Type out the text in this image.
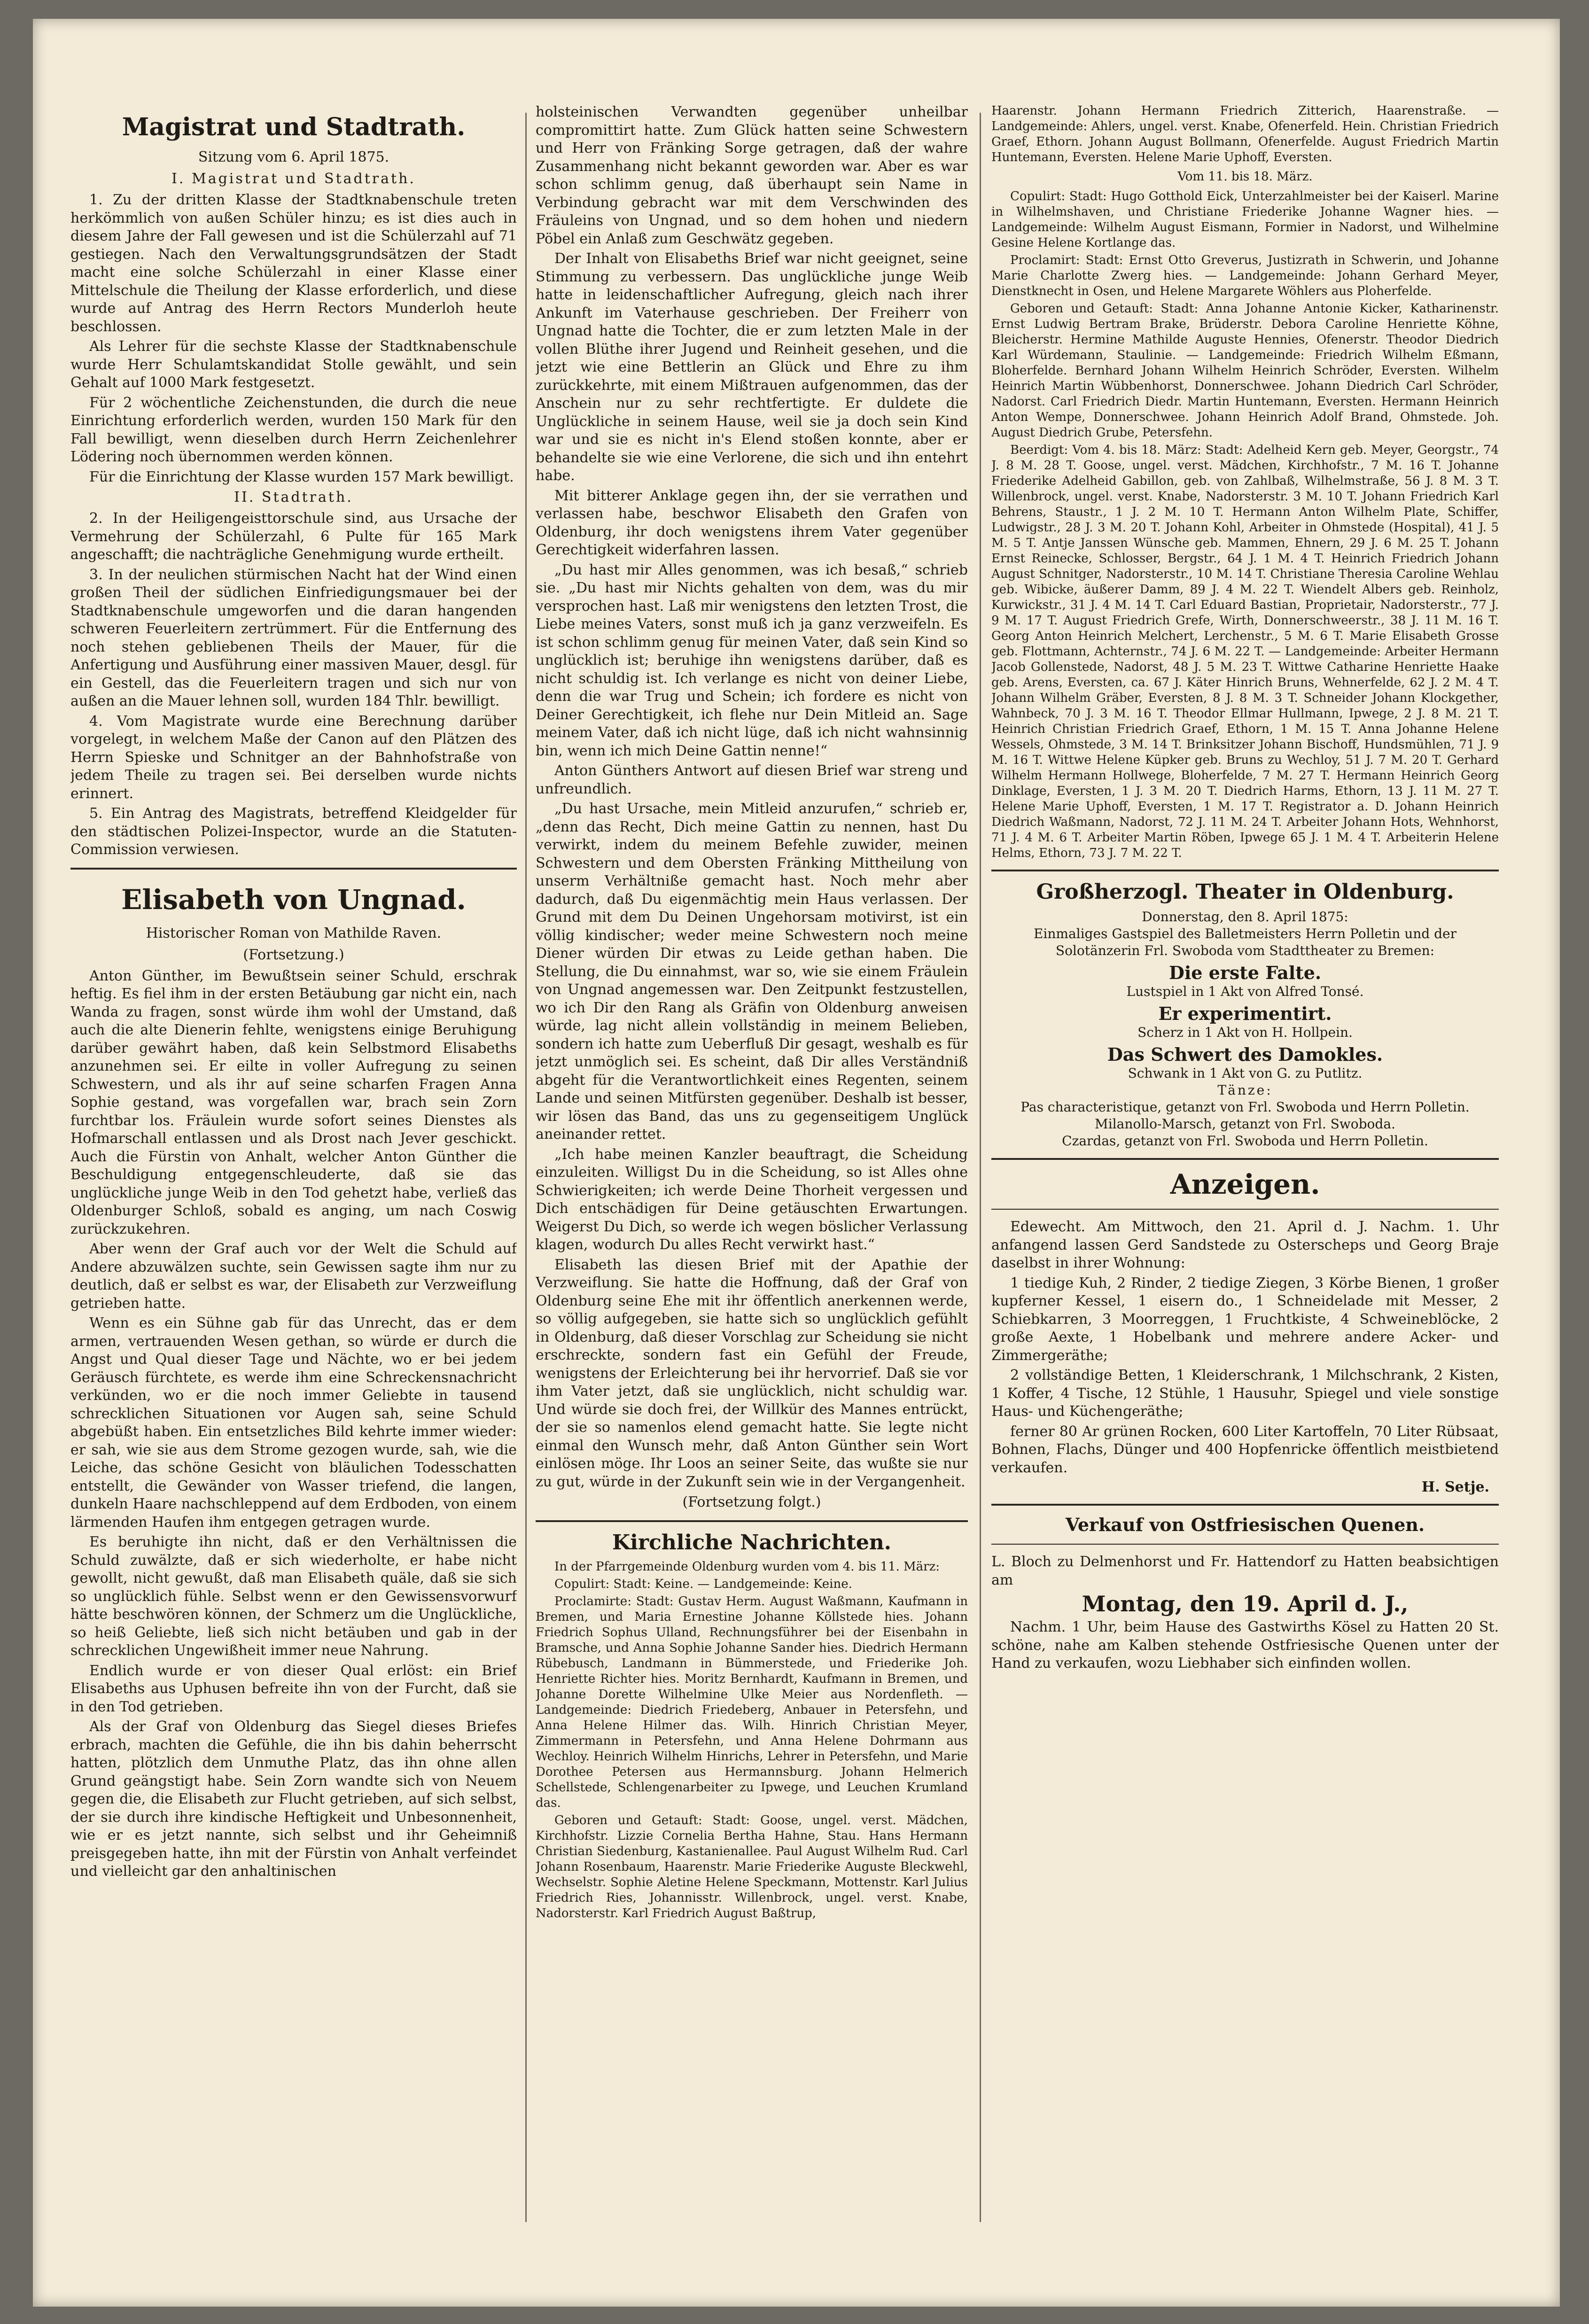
Magistrat und Stadtrath.
Sitzung vom 6. April 1875.
I. Magistrat und Stadtrath.

1. Zu der dritten Klasse der Stadtknabenschule treten herkömmlich von außen Schüler hinzu; es ist dies auch in diesem Jahre der Fall gewesen und ist die Schülerzahl auf 71 gestiegen. Nach den Verwaltungsgrundsätzen der Stadt macht eine solche Schülerzahl in einer Klasse einer Mittelschule die Theilung der Klasse erforderlich, und diese wurde auf Antrag des Herrn Rectors Munderloh heute beschlossen.

Als Lehrer für die sechste Klasse der Stadtknabenschule wurde Herr Schulamtskandidat Stolle gewählt, und sein Gehalt auf 1000 Mark festgesetzt.

Für 2 wöchentliche Zeichenstunden, die durch die neue Einrichtung erforderlich werden, wurden 150 Mark für den Fall bewilligt, wenn dieselben durch Herrn Zeichenlehrer Lödering noch übernommen werden können.

Für die Einrichtung der Klasse wurden 157 Mark bewilligt.

II. Stadtrath.

2. In der Heiligengeisttorschule sind, aus Ursache der Vermehrung der Schülerzahl, 6 Pulte für 165 Mark angeschafft; die nachträgliche Genehmigung wurde ertheilt.

3. In der neulichen stürmischen Nacht hat der Wind einen großen Theil der südlichen Einfriedigungsmauer bei der Stadtknabenschule umgeworfen und die daran hangenden schweren Feuerleitern zertrümmert. Für die Entfernung des noch stehen gebliebenen Theils der Mauer, für die Anfertigung und Ausführung einer massiven Mauer, desgl. für ein Gestell, das die Feuerleitern tragen und sich nur von außen an die Mauer lehnen soll, wurden 184 Thlr. bewilligt.

4. Vom Magistrate wurde eine Berechnung darüber vorgelegt, in welchem Maße der Canon auf den Plätzen des Herrn Spieske und Schnitger an der Bahnhofstraße von jedem Theile zu tragen sei. Bei derselben wurde nichts erinnert.

5. Ein Antrag des Magistrats, betreffend Kleidgelder für den städtischen Polizei-Inspector, wurde an die Statuten-Commission verwiesen.

Elisabeth von Ungnad.
Historischer Roman von Mathilde Raven.
(Fortsetzung.)

Anton Günther, im Bewußtsein seiner Schuld, erschrak heftig. Es fiel ihm in der ersten Betäubung gar nicht ein, nach Wanda zu fragen, sonst würde ihm wohl der Umstand, daß auch die alte Dienerin fehlte, wenigstens einige Beruhigung darüber gewährt haben, daß kein Selbstmord Elisabeths anzunehmen sei. Er eilte in voller Aufregung zu seinen Schwestern, und als ihr auf seine scharfen Fragen Anna Sophie gestand, was vorgefallen war, brach sein Zorn furchtbar los. Fräulein wurde sofort seines Dienstes als Hofmarschall entlassen und als Drost nach Jever geschickt. Auch die Fürstin von Anhalt, welcher Anton Günther die Beschuldigung entgegenschleuderte, daß sie das unglückliche junge Weib in den Tod gehetzt habe, verließ das Oldenburger Schloß, sobald es anging, um nach Coswig zurückzukehren.

Aber wenn der Graf auch vor der Welt die Schuld auf Andere abzuwälzen suchte, sein Gewissen sagte ihm nur zu deutlich, daß er selbst es war, der Elisabeth zur Verzweiflung getrieben hatte.

Wenn es ein Sühne gab für das Unrecht, das er dem armen, vertrauenden Wesen gethan, so würde er durch die Angst und Qual dieser Tage und Nächte, wo er bei jedem Geräusch fürchtete, es werde ihm eine Schreckensnachricht verkünden, wo er die noch immer Geliebte in tausend schrecklichen Situationen vor Augen sah, seine Schuld abgebüßt haben. Ein entsetzliches Bild kehrte immer wieder: er sah, wie sie aus dem Strome gezogen wurde, sah, wie die Leiche, das schöne Gesicht von bläulichen Todesschatten entstellt, die Gewänder von Wasser triefend, die langen, dunkeln Haare nachschleppend auf dem Erdboden, von einem lärmenden Haufen ihm entgegen getragen wurde.

Es beruhigte ihn nicht, daß er den Verhältnissen die Schuld zuwälzte, daß er sich wiederholte, er habe nicht gewollt, nicht gewußt, daß man Elisabeth quäle, daß sie sich so unglücklich fühle. Selbst wenn er den Gewissensvorwurf hätte beschwören können, der Schmerz um die Unglückliche, so heiß Geliebte, ließ sich nicht betäuben und gab in der schrecklichen Ungewißheit immer neue Nahrung.

Endlich wurde er von dieser Qual erlöst: ein Brief Elisabeths aus Uphusen befreite ihn von der Furcht, daß sie in den Tod getrieben.

Als der Graf von Oldenburg das Siegel dieses Briefes erbrach, machten die Gefühle, die ihn bis dahin beherrscht hatten, plötzlich dem Unmuthe Platz, das ihn ohne allen Grund geängstigt habe. Sein Zorn wandte sich von Neuem gegen die, die Elisabeth zur Flucht getrieben, auf sich selbst, der sie durch ihre kindische Heftigkeit und Unbesonnenheit, wie er es jetzt nannte, sich selbst und ihr Geheimniß preisgegeben hatte, ihn mit der Fürstin von Anhalt verfeindet und vielleicht gar den anhaltinischen

holsteinischen Verwandten gegenüber unheilbar compromittirt hatte. Zum Glück hatten seine Schwestern und Herr von Fränking Sorge getragen, daß der wahre Zusammenhang nicht bekannt geworden war. Aber es war schon schlimm genug, daß überhaupt sein Name in Verbindung gebracht war mit dem Verschwinden des Fräuleins von Ungnad, und so dem hohen und niedern Pöbel ein Anlaß zum Geschwätz gegeben.

Der Inhalt von Elisabeths Brief war nicht geeignet, seine Stimmung zu verbessern. Das unglückliche junge Weib hatte in leidenschaftlicher Aufregung, gleich nach ihrer Ankunft im Vaterhause geschrieben. Der Freiherr von Ungnad hatte die Tochter, die er zum letzten Male in der vollen Blüthe ihrer Jugend und Reinheit gesehen, und die jetzt wie eine Bettlerin an Glück und Ehre zu ihm zurückkehrte, mit einem Mißtrauen aufgenommen, das der Anschein nur zu sehr rechtfertigte. Er duldete die Unglückliche in seinem Hause, weil sie ja doch sein Kind war und sie es nicht in's Elend stoßen konnte, aber er behandelte sie wie eine Verlorene, die sich und ihn entehrt habe.

Mit bitterer Anklage gegen ihn, der sie verrathen und verlassen habe, beschwor Elisabeth den Grafen von Oldenburg, ihr doch wenigstens ihrem Vater gegenüber Gerechtigkeit widerfahren lassen.

„Du hast mir Alles genommen, was ich besaß,“ schrieb sie. „Du hast mir Nichts gehalten von dem, was du mir versprochen hast. Laß mir wenigstens den letzten Trost, die Liebe meines Vaters, sonst muß ich ja ganz verzweifeln. Es ist schon schlimm genug für meinen Vater, daß sein Kind so unglücklich ist; beruhige ihn wenigstens darüber, daß es nicht schuldig ist. Ich verlange es nicht von deiner Liebe, denn die war Trug und Schein; ich fordere es nicht von Deiner Gerechtigkeit, ich flehe nur Dein Mitleid an. Sage meinem Vater, daß ich nicht lüge, daß ich nicht wahnsinnig bin, wenn ich mich Deine Gattin nenne!“

Anton Günthers Antwort auf diesen Brief war streng und unfreundlich.

„Du hast Ursache, mein Mitleid anzurufen,“ schrieb er, „denn das Recht, Dich meine Gattin zu nennen, hast Du verwirkt, indem du meinem Befehle zuwider, meinen Schwestern und dem Obersten Fränking Mittheilung von unserm Verhältniße gemacht hast. Noch mehr aber dadurch, daß Du eigenmächtig mein Haus verlassen. Der Grund mit dem Du Deinen Ungehorsam motivirst, ist ein völlig kindischer; weder meine Schwestern noch meine Diener würden Dir etwas zu Leide gethan haben. Die Stellung, die Du einnahmst, war so, wie sie einem Fräulein von Ungnad angemessen war. Den Zeitpunkt festzustellen, wo ich Dir den Rang als Gräfin von Oldenburg anweisen würde, lag nicht allein vollständig in meinem Belieben, sondern ich hatte zum Ueberfluß Dir gesagt, weshalb es für jetzt unmöglich sei. Es scheint, daß Dir alles Verständniß abgeht für die Verantwortlichkeit eines Regenten, seinem Lande und seinen Mitfürsten gegenüber. Deshalb ist besser, wir lösen das Band, das uns zu gegenseitigem Unglück aneinander rettet.

„Ich habe meinen Kanzler beauftragt, die Scheidung einzuleiten. Willigst Du in die Scheidung, so ist Alles ohne Schwierigkeiten; ich werde Deine Thorheit vergessen und Dich entschädigen für Deine getäuschten Erwartungen. Weigerst Du Dich, so werde ich wegen böslicher Verlassung klagen, wodurch Du alles Recht verwirkt hast.“

Elisabeth las diesen Brief mit der Apathie der Verzweiflung. Sie hatte die Hoffnung, daß der Graf von Oldenburg seine Ehe mit ihr öffentlich anerkennen werde, so völlig aufgegeben, sie hatte sich so unglücklich gefühlt in Oldenburg, daß dieser Vorschlag zur Scheidung sie nicht erschreckte, sondern fast ein Gefühl der Freude, wenigstens der Erleichterung bei ihr hervorrief. Daß sie vor ihm Vater jetzt, daß sie unglücklich, nicht schuldig war. Und würde sie doch frei, der Willkür des Mannes entrückt, der sie so namenlos elend gemacht hatte. Sie legte nicht einmal den Wunsch mehr, daß Anton Günther sein Wort einlösen möge. Ihr Loos an seiner Seite, das wußte sie nur zu gut, würde in der Zukunft sein wie in der Vergangenheit.

(Fortsetzung folgt.)
Kirchliche Nachrichten.

In der Pfarrgemeinde Oldenburg wurden vom 4. bis 11. März:

Copulirt: Stadt: Keine. — Landgemeinde: Keine.

Proclamirte: Stadt: Gustav Herm. August Waßmann, Kaufmann in Bremen, und Maria Ernestine Johanne Köllstede hies. Johann Friedrich Sophus Ulland, Rechnungsführer bei der Eisenbahn in Bramsche, und Anna Sophie Johanne Sander hies. Diedrich Hermann Rübebusch, Landmann in Bümmerstede, und Friederike Joh. Henriette Richter hies. Moritz Bernhardt, Kaufmann in Bremen, und Johanne Dorette Wilhelmine Ulke Meier aus Nordenfleth. — Landgemeinde: Diedrich Friedeberg, Anbauer in Petersfehn, und Anna Helene Hilmer das. Wilh. Hinrich Christian Meyer, Zimmermann in Petersfehn, und Anna Helene Dohrmann aus Wechloy. Heinrich Wilhelm Hinrichs, Lehrer in Petersfehn, und Marie Dorothee Petersen aus Hermannsburg. Johann Helmerich Schellstede, Schlengenarbeiter zu Ipwege, und Leuchen Krumland das.

Geboren und Getauft: Stadt: Goose, ungel. verst. Mädchen, Kirchhofstr. Lizzie Cornelia Bertha Hahne, Stau. Hans Hermann Christian Siedenburg, Kastanienallee. Paul August Wilhelm Rud. Carl Johann Rosenbaum, Haarenstr. Marie Friederike Auguste Bleckwehl, Wechselstr. Sophie Aletine Helene Speckmann, Mottenstr. Karl Julius Friedrich Ries, Johannisstr. Willenbrock, ungel. verst. Knabe, Nadorsterstr. Karl Friedrich August Baßtrup,

Haarenstr. Johann Hermann Friedrich Zitterich, Haarenstraße. — Landgemeinde: Ahlers, ungel. verst. Knabe, Ofenerfeld. Hein. Christian Friedrich Graef, Ethorn. Johann August Bollmann, Ofenerfelde. August Friedrich Martin Huntemann, Eversten. Helene Marie Uphoff, Eversten.

Vom 11. bis 18. März.

Copulirt: Stadt: Hugo Gotthold Eick, Unterzahlmeister bei der Kaiserl. Marine in Wilhelmshaven, und Christiane Friederike Johanne Wagner hies. — Landgemeinde: Wilhelm August Eismann, Formier in Nadorst, und Wilhelmine Gesine Helene Kortlange das.

Proclamirt: Stadt: Ernst Otto Greverus, Justizrath in Schwerin, und Johanne Marie Charlotte Zwerg hies. — Landgemeinde: Johann Gerhard Meyer, Dienstknecht in Osen, und Helene Margarete Wöhlers aus Ploherfelde.

Geboren und Getauft: Stadt: Anna Johanne Antonie Kicker, Katharinenstr. Ernst Ludwig Bertram Brake, Brüderstr. Debora Caroline Henriette Köhne, Bleicherstr. Hermine Mathilde Auguste Hennies, Ofenerstr. Theodor Diedrich Karl Würdemann, Staulinie. — Landgemeinde: Friedrich Wilhelm Eßmann, Bloherfelde. Bernhard Johann Wilhelm Heinrich Schröder, Eversten. Wilhelm Heinrich Martin Wübbenhorst, Donnerschwee. Johann Diedrich Carl Schröder, Nadorst. Carl Friedrich Diedr. Martin Huntemann, Eversten. Hermann Heinrich Anton Wempe, Donnerschwee. Johann Heinrich Adolf Brand, Ohmstede. Joh. August Diedrich Grube, Petersfehn.

Beerdigt: Vom 4. bis 18. März: Stadt: Adelheid Kern geb. Meyer, Georgstr., 74 J. 8 M. 28 T. Goose, ungel. verst. Mädchen, Kirchhofstr., 7 M. 16 T. Johanne Friederike Adelheid Gabillon, geb. von Zahlbaß, Wilhelmstraße, 56 J. 8 M. 3 T. Willenbrock, ungel. verst. Knabe, Nadorsterstr. 3 M. 10 T. Johann Friedrich Karl Behrens, Staustr., 1 J. 2 M. 10 T. Hermann Anton Wilhelm Plate, Schiffer, Ludwigstr., 28 J. 3 M. 20 T. Johann Kohl, Arbeiter in Ohmstede (Hospital), 41 J. 5 M. 5 T. Antje Janssen Wünsche geb. Mammen, Ehnern, 29 J. 6 M. 25 T. Johann Ernst Reinecke, Schlosser, Bergstr., 64 J. 1 M. 4 T. Heinrich Friedrich Johann August Schnitger, Nadorsterstr., 10 M. 14 T. Christiane Theresia Caroline Wehlau geb. Wibicke, äußerer Damm, 89 J. 4 M. 22 T. Wiendelt Albers geb. Reinholz, Kurwickstr., 31 J. 4 M. 14 T. Carl Eduard Bastian, Proprietair, Nadorsterstr., 77 J. 9 M. 17 T. August Friedrich Grefe, Wirth, Donnerschweerstr., 38 J. 11 M. 16 T. Georg Anton Heinrich Melchert, Lerchenstr., 5 M. 6 T. Marie Elisabeth Grosse geb. Flottmann, Achternstr., 74 J. 6 M. 22 T. — Landgemeinde: Arbeiter Hermann Jacob Gollenstede, Nadorst, 48 J. 5 M. 23 T. Wittwe Catharine Henriette Haake geb. Arens, Eversten, ca. 67 J. Käter Hinrich Bruns, Wehnerfelde, 62 J. 2 M. 4 T. Johann Wilhelm Gräber, Eversten, 8 J. 8 M. 3 T. Schneider Johann Klockgether, Wahnbeck, 70 J. 3 M. 16 T. Theodor Ellmar Hullmann, Ipwege, 2 J. 8 M. 21 T. Heinrich Christian Friedrich Graef, Ethorn, 1 M. 15 T. Anna Johanne Helene Wessels, Ohmstede, 3 M. 14 T. Brinksitzer Johann Bischoff, Hundsmühlen, 71 J. 9 M. 16 T. Wittwe Helene Küpker geb. Bruns zu Wechloy, 51 J. 7 M. 20 T. Gerhard Wilhelm Hermann Hollwege, Bloherfelde, 7 M. 27 T. Hermann Heinrich Georg Dinklage, Eversten, 1 J. 3 M. 20 T. Diedrich Harms, Ethorn, 13 J. 11 M. 27 T. Helene Marie Uphoff, Eversten, 1 M. 17 T. Registrator a. D. Johann Heinrich Diedrich Waßmann, Nadorst, 72 J. 11 M. 24 T. Arbeiter Johann Hots, Wehnhorst, 71 J. 4 M. 6 T. Arbeiter Martin Röben, Ipwege 65 J. 1 M. 4 T. Arbeiterin Helene Helms, Ethorn, 73 J. 7 M. 22 T.

Großherzogl. Theater in Oldenburg.
Donnerstag, den 8. April 1875:
Einmaliges Gastspiel des Balletmeisters Herrn Polletin und der Solotänzerin Frl. Swoboda vom Stadttheater zu Bremen:
Die erste Falte.
Lustspiel in 1 Akt von Alfred Tonsé.
Er experimentirt.
Scherz in 1 Akt von H. Hollpein.
Das Schwert des Damokles.
Schwank in 1 Akt von G. zu Putlitz.
Tänze:
Pas characteristique, getanzt von Frl. Swoboda und Herrn Polletin.
Milanollo-Marsch, getanzt von Frl. Swoboda.
Czardas, getanzt von Frl. Swoboda und Herrn Polletin.
Anzeigen.

Edewecht. Am Mittwoch, den 21. April d. J. Nachm. 1. Uhr anfangend lassen Gerd Sandstede zu Osterscheps und Georg Braje daselbst in ihrer Wohnung:

1 tiedige Kuh, 2 Rinder, 2 tiedige Ziegen, 3 Körbe Bienen, 1 großer kupferner Kessel, 1 eisern do., 1 Schneidelade mit Messer, 2 Schiebkarren, 3 Moorreggen, 1 Fruchtkiste, 4 Schweineblöcke, 2 große Aexte, 1 Hobelbank und mehrere andere Acker- und Zimmergeräthe;

2 vollständige Betten, 1 Kleiderschrank, 1 Milchschrank, 2 Kisten, 1 Koffer, 4 Tische, 12 Stühle, 1 Hausuhr, Spiegel und viele sonstige Haus- und Küchengeräthe;

ferner 80 Ar grünen Rocken, 600 Liter Kartoffeln, 70 Liter Rübsaat, Bohnen, Flachs, Dünger und 400 Hopfenricke öffentlich meistbietend verkaufen.

H. Setje.
Verkauf von Ostfriesischen Quenen.

L. Bloch zu Delmenhorst und Fr. Hattendorf zu Hatten beabsichtigen am

Montag, den 19. April d. J.,

Nachm. 1 Uhr, beim Hause des Gastwirths Kösel zu Hatten 20 St. schöne, nahe am Kalben stehende Ostfriesische Quenen unter der Hand zu verkaufen, wozu Liebhaber sich einfinden wollen.
